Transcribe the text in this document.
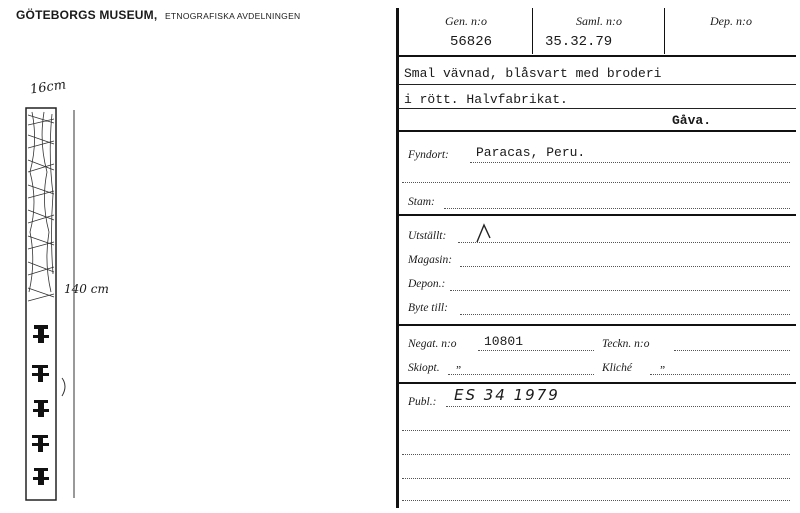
GÖTEBORGS MUSEUM, ETNOGRAFISKA AVDELNINGEN
16cm
140 cm
Gen. n:o
56826
Saml. n:o
35.32.79
Dep. n:o
Smal vävnad, blåsvart med broderi
i rött. Halvfabrikat.
Gåva.
Fyndort: Paracas, Peru.
Stam:
Utställt:
Magasin:
Depon.:
Byte till:
Negat. n:o 10801	Teckn. n:o
Skiopt. „	Kliché „
Publ.: ES 34 1979
